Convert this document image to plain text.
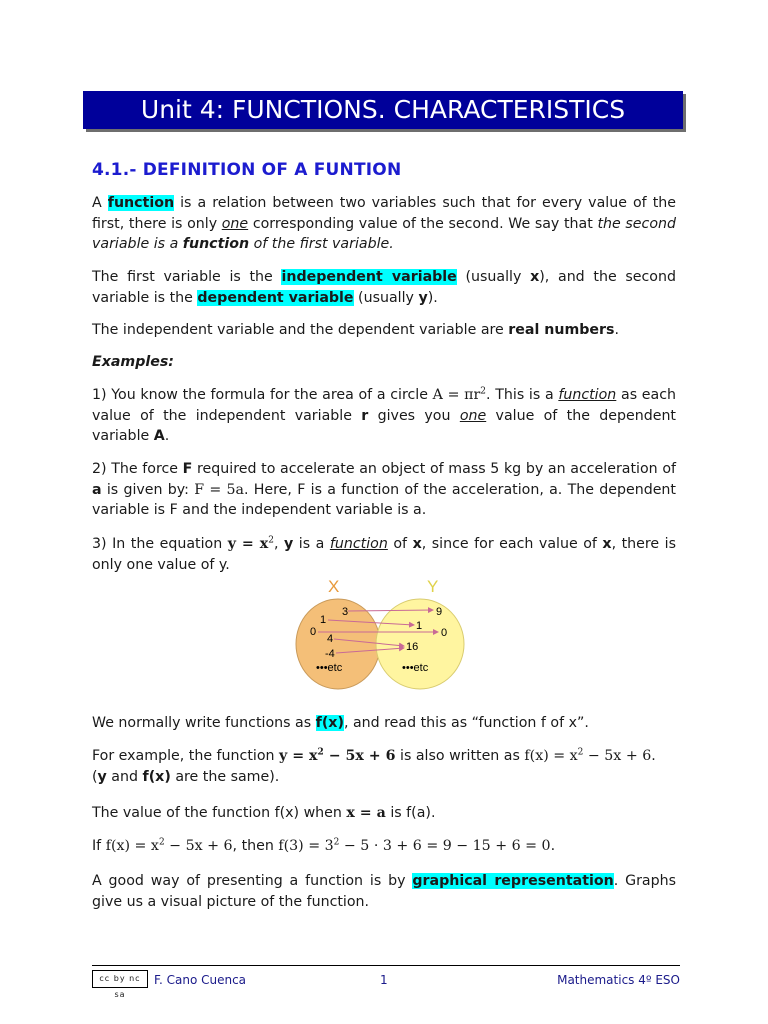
Unit 4: FUNCTIONS. CHARACTERISTICS
4.1.- DEFINITION OF A FUNTION

A function is a relation between two variables such that for every value of the first, there is only one corresponding value of the second. We say that the second variable is a function of the first variable.

The first variable is the independent variable (usually x), and the second variable is the dependent variable (usually y).

The independent variable and the dependent variable are real numbers.

Examples:

1) You know the formula for the area of a circle $A = \pi r^2$. This is a function as each value of the independent variable r gives you one value of the dependent variable A.

2) The force F required to accelerate an object of mass 5 kg by an acceleration of a is given by: F = 5a. Here, F is a function of the acceleration, a. The dependent variable is F and the independent variable is a.

3) In the equation $y = x^2$, y is a function of x, since for each value of x, there is only one value of y.

X	Y
3
1
0
4
-4
•••etc
9
1
0
16
•••etc

We normally write functions as f(x), and read this as “function f of x”.

For example, the function $y = x^2 - 5x + 6$ is also written as $f(x) = x^2 - 5x + 6$.
(y and f(x) are the same).

The value of the function f(x) when x = a is f(a).

If $f(x) = x^2 - 5x + 6$, then $f(3) = 3^2 - 5 \cdot 3 + 6 = 9 - 15 + 6 = 0$.

A good way of presenting a function is by graphical representation. Graphs give us a visual picture of the function.

cc by nc sa
F. Cano Cuenca	1	Mathematics 4º ESO
